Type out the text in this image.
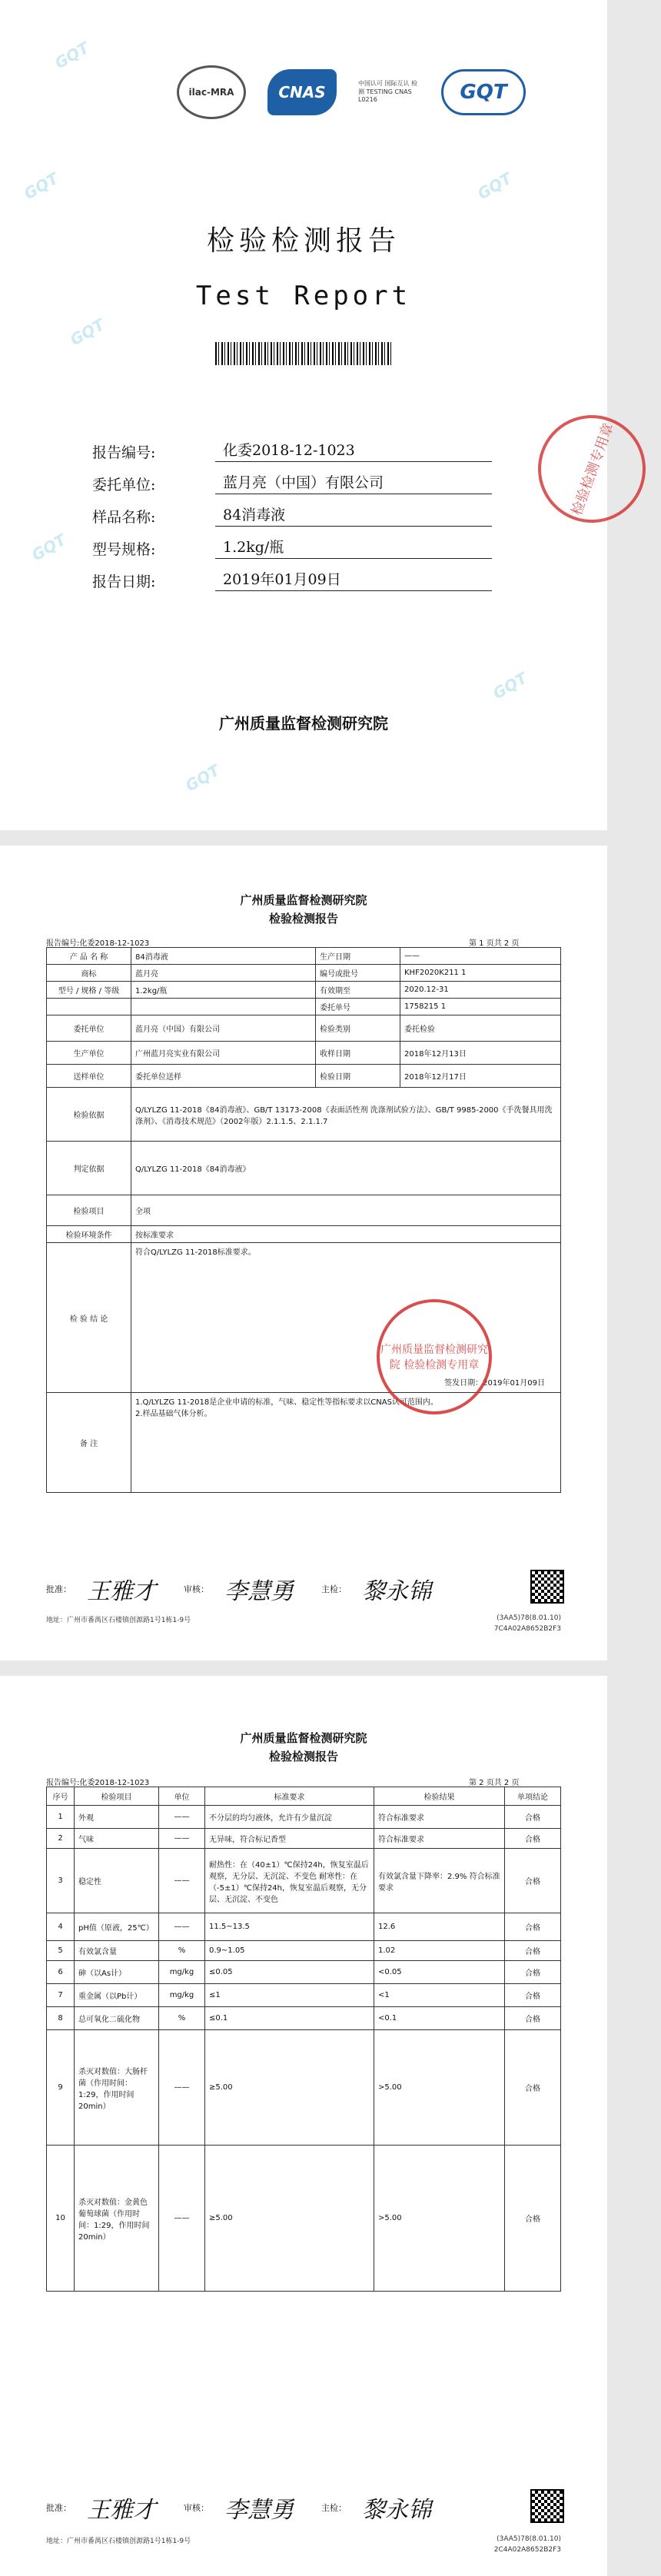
GQT
GQT
GQT
GQT
GQT
GQT
GQT
ilac-MRA	CNAS	中国认可 国际互认 检测 TESTING CNAS L0216	GQT
检验检测报告
Test Report
报告编号:	化委2018-12-1023
委托单位:	蓝月亮（中国）有限公司
样品名称:	84消毒液
型号规格:	1.2kg/瓶
报告日期:	2019年01月09日
检验检测专用章
广州质量监督检测研究院
广州质量监督检测研究院
检验检测报告
报告编号:化委2018-12-1023	第 1 页共 2 页
产 品 名 称	84消毒液	生产日期	——
商标	蓝月亮	编号或批号	KHF2020K211 1
型号 / 规格 / 等级	1.2kg/瓶	有效期至	2020.12-31
		委托单号	1758215 1
委托单位	蓝月亮（中国）有限公司	检验类别	委托检验
生产单位	广州蓝月亮实业有限公司	收样日期	2018年12月13日
送样单位	委托单位送样	检验日期	2018年12月17日
检验依据	Q/LYLZG 11-2018《84消毒液》、GB/T 13173-2008《表面活性剂 洗涤剂试验方法》、GB/T 9985-2000《手洗餐具用洗涤剂》、《消毒技术规范》（2002年版）2.1.1.5、2.1.1.7		
判定依据	Q/LYLZG 11-2018《84消毒液》		
检验项目	全项		
检验环境条件	按标准要求		
检 验 结 论	符合Q/LYLZG 11-2018标准要求。
签发日期：2019年01月09日		

备 注	1.Q/LYLZG 11-2018是企业申请的标准，气味、稳定性等指标要求以CNAS认可范围内。
2.样品基础气体分析。		
广州质量监督检测研究院 检验检测专用章
批准： 王雅才	审核： 李慧勇	主检： 黎永锦
地址：广州市番禺区石楼镇创源路1号1栋1-9号	(3AA5)78(8.01.10)
7C4A02A8652B2F3
广州质量监督检测研究院
检验检测报告
报告编号:化委2018-12-1023	第 2 页共 2 页
序号	检验项目	单位	标准要求	检验结果	单项结论
1	外观	——	不分层的均匀液体，允许有少量沉淀	符合标准要求	合格
2	气味	——	无异味，符合标记香型	符合标准要求	合格
3	稳定性	——	耐热性：在（40±1）℃保持24h，恢复室温后观察，无分层、无沉淀、不变色 耐寒性：在（-5±1）℃保持24h，恢复室温后观察，无分层、无沉淀、不变色	有效氯含量下降率：2.9% 符合标准要求	合格
4	pH值（原液，25℃）	——	11.5~13.5	12.6	合格
5	有效氯含量	%	0.9~1.05	1.02	合格
6	砷（以As计）	mg/kg	≤0.05	<0.05	合格
7	重金属（以Pb计）	mg/kg	≤1	<1	合格
8	总可氧化二硫化物	%	≤0.1	<0.1	合格
9	杀灭对数值：大肠杆菌（作用时间：1:29，作用时间20min）	——	≥5.00	>5.00	合格
10	杀灭对数值：金黄色葡萄球菌（作用时间：1:29，作用时间20min）	——	≥5.00	>5.00	合格
批准： 王雅才	审核： 李慧勇	主检： 黎永锦
地址：广州市番禺区石楼镇创源路1号1栋1-9号	(3AA5)78(8.01.10)
2C4A02A8652B2F3
